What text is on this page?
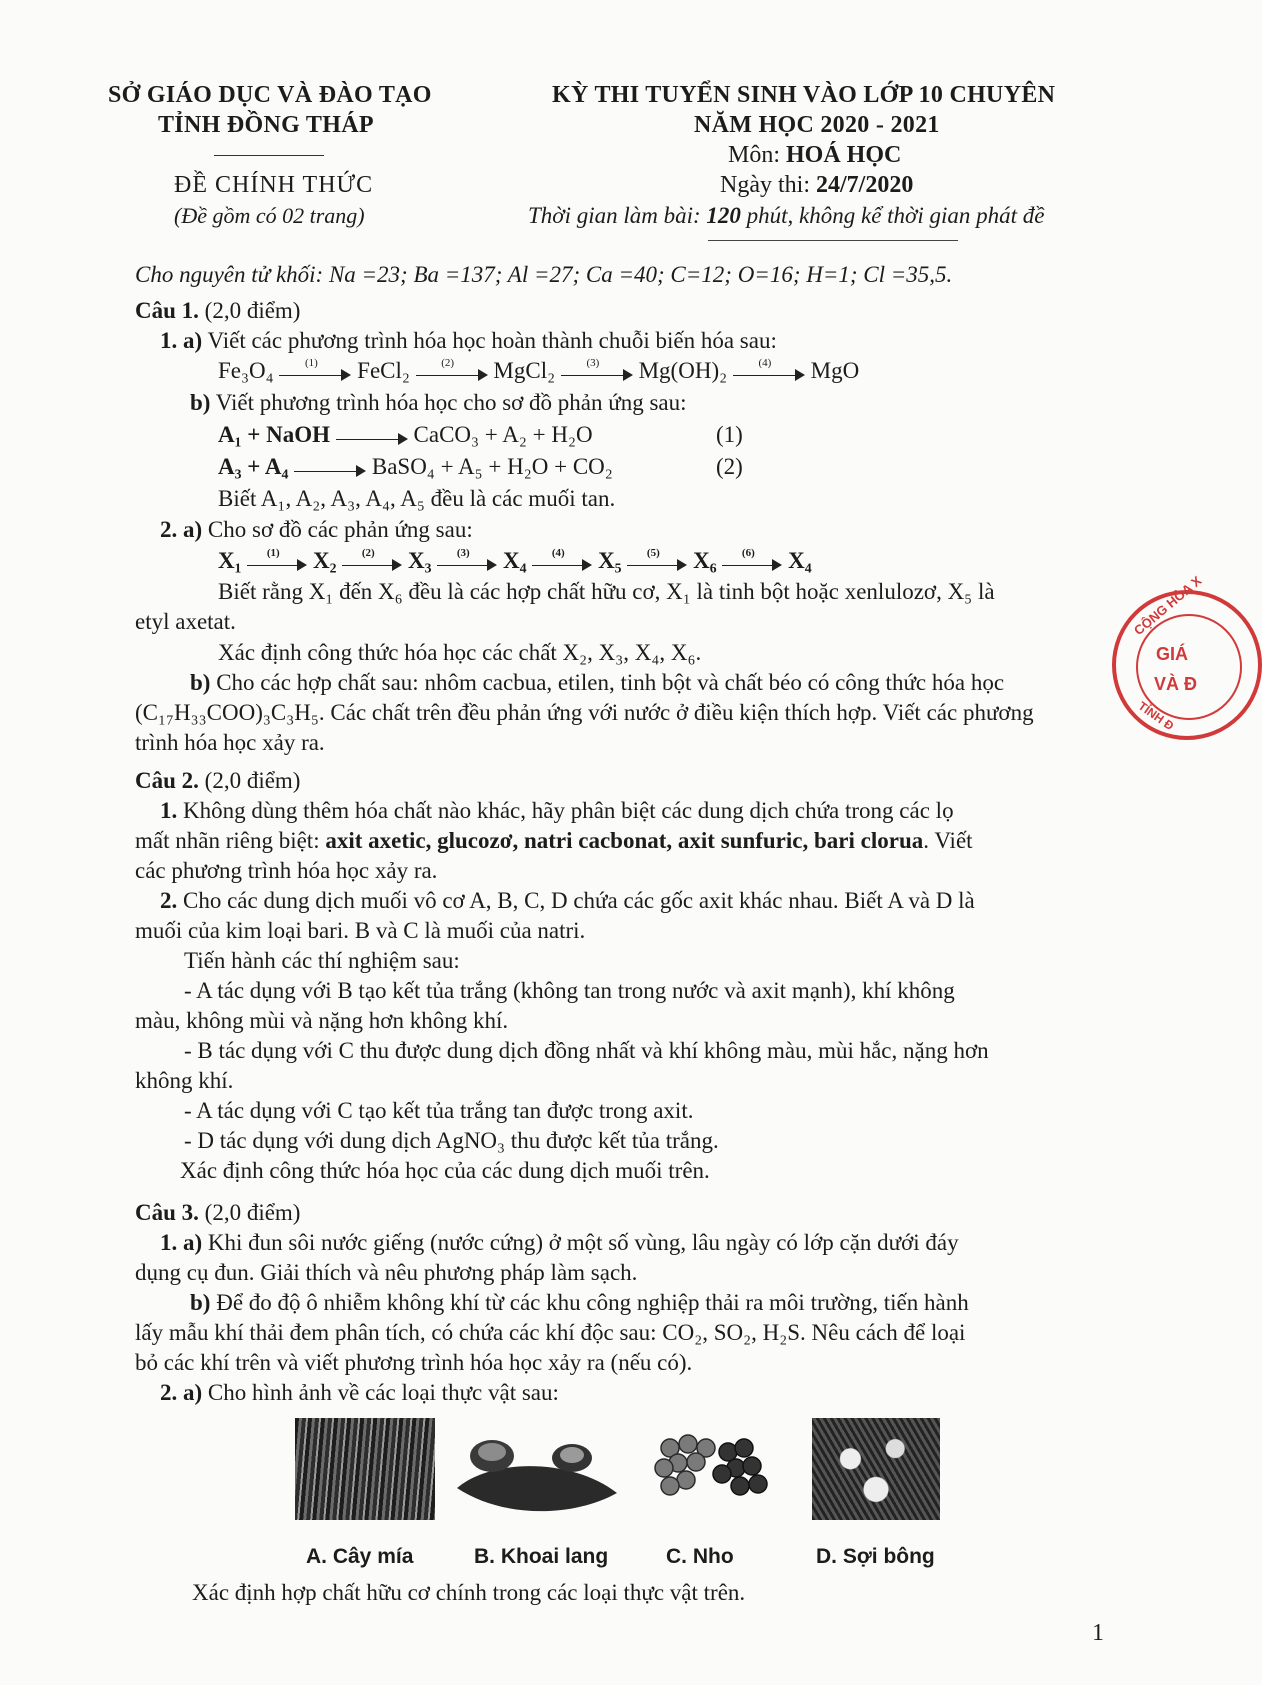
SỞ GIÁO DỤC VÀ ĐÀO TẠO
TỈNH ĐỒNG THÁP
ĐỀ CHÍNH THỨC
(Đề gồm có 02 trang)
KỲ THI TUYỂN SINH VÀO LỚP 10 CHUYÊN
NĂM HỌC 2020 - 2021
Môn: HOÁ HỌC
Ngày thi: 24/7/2020
Thời gian làm bài: 120 phút, không kể thời gian phát đề
Cho nguyên tử khối: Na =23; Ba =137; Al =27; Ca =40; C=12; O=16; H=1; Cl =35,5.
Câu 1. (2,0 điểm)
1. a) Viết các phương trình hóa học hoàn thành chuỗi biến hóa sau:
Fe₃O₄	(1)	FeCl₂	(2)	MgCl₂	(3)	Mg(OH)₂	(4)	MgO
b) Viết phương trình hóa học cho sơ đồ phản ứng sau:
A₁ + NaOH	CaCO₃ + A₂ + H₂O	(1)
A₃ + A₄	BaSO₄ + A₅ + H₂O + CO₂	(2)
Biết A₁, A₂, A₃, A₄, A₅ đều là các muối tan.
2. a) Cho sơ đồ các phản ứng sau:
X₁	(1)	X₂	(2)	X₃	(3)	X₄	(4)	X₅	(5)	X₆	(6)	X₄
Biết rằng X₁ đến X₆ đều là các hợp chất hữu cơ, X₁ là tinh bột hoặc xenlulozơ, X₅ là
etyl axetat.
Xác định công thức hóa học các chất X₂, X₃, X₄, X₆.
b) Cho các hợp chất sau: nhôm cacbua, etilen, tinh bột và chất béo có công thức hóa học
(C₁₇H₃₃COO)₃C₃H₅. Các chất trên đều phản ứng với nước ở điều kiện thích hợp. Viết các phương
trình hóa học xảy ra.
Câu 2. (2,0 điểm)
1. Không dùng thêm hóa chất nào khác, hãy phân biệt các dung dịch chứa trong các lọ
mất nhãn riêng biệt: axit axetic, glucozơ, natri cacbonat, axit sunfuric, bari clorua. Viết
các phương trình hóa học xảy ra.
2. Cho các dung dịch muối vô cơ A, B, C, D chứa các gốc axit khác nhau. Biết A và D là
muối của kim loại bari. B và C là muối của natri.
Tiến hành các thí nghiệm sau:
- A tác dụng với B tạo kết tủa trắng (không tan trong nước và axit mạnh), khí không
màu, không mùi và nặng hơn không khí.
- B tác dụng với C thu được dung dịch đồng nhất và khí không màu, mùi hắc, nặng hơn
không khí.
- A tác dụng với C tạo kết tủa trắng tan được trong axit.
- D tác dụng với dung dịch AgNO₃ thu được kết tủa trắng.
Xác định công thức hóa học của các dung dịch muối trên.
Câu 3. (2,0 điểm)
1. a) Khi đun sôi nước giếng (nước cứng) ở một số vùng, lâu ngày có lớp cặn dưới đáy
dụng cụ đun. Giải thích và nêu phương pháp làm sạch.
b) Để đo độ ô nhiễm không khí từ các khu công nghiệp thải ra môi trường, tiến hành
lấy mẫu khí thải đem phân tích, có chứa các khí độc sau: CO₂, SO₂, H₂S. Nêu cách để loại
bỏ các khí trên và viết phương trình hóa học xảy ra (nếu có).
2. a) Cho hình ảnh về các loại thực vật sau:
A. Cây mía	B. Khoai lang	C. Nho	D. Sợi bông
Xác định hợp chất hữu cơ chính trong các loại thực vật trên.
1
CỘNG HÒA X
GIÁ
VÀ Đ
TỈNH Đ
